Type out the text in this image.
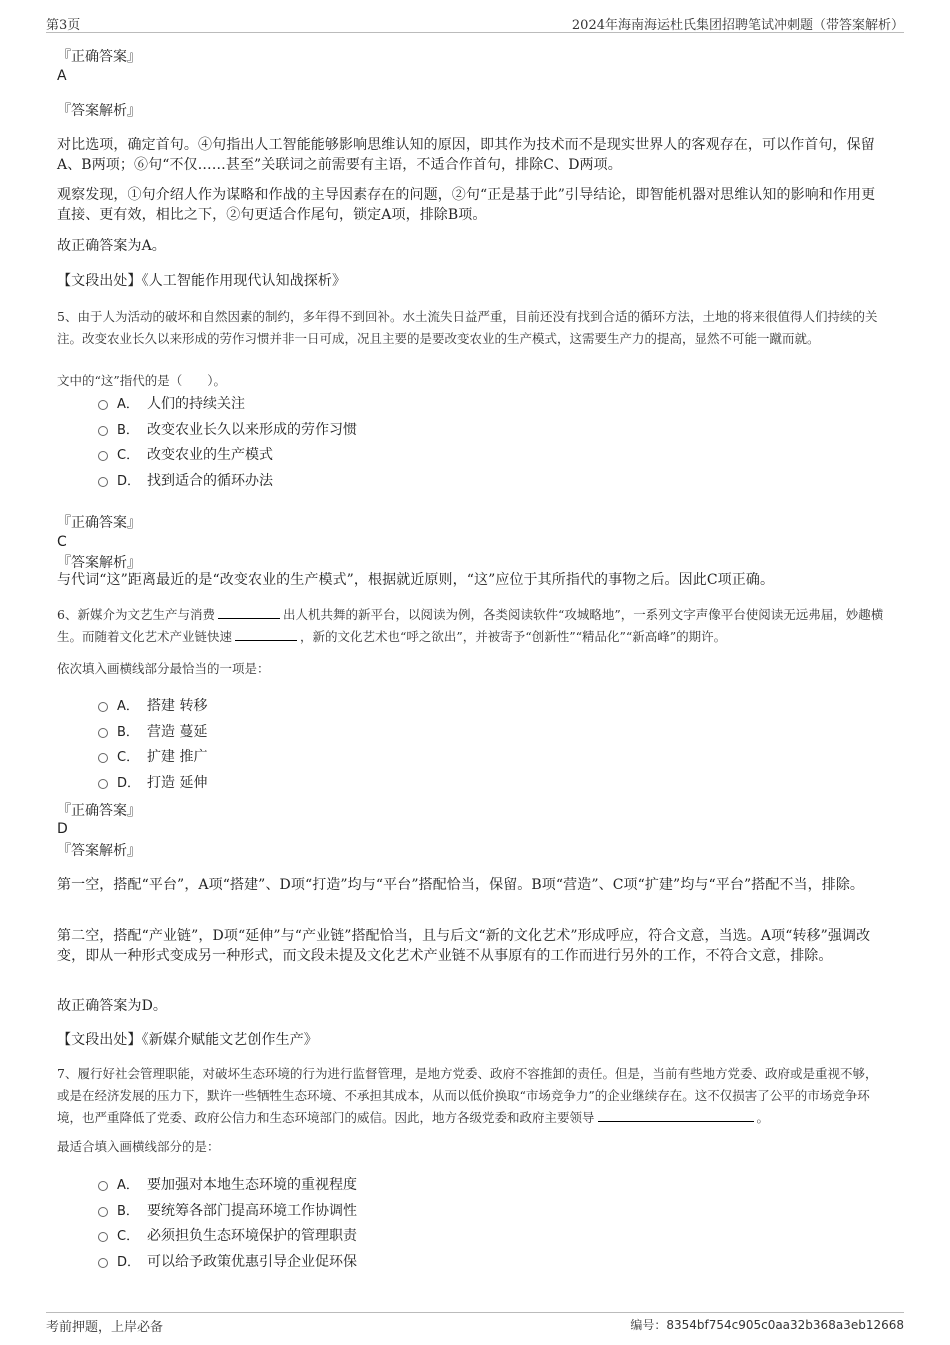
第3页	2024年海南海运杜氏集团招聘笔试冲刺题（带答案解析）
『正确答案』
A
『答案解析』
对比选项，确定首句。④句指出人工智能能够影响思维认知的原因，即其作为技术而不是现实世界人的客观存在，可以作首句，保留A、B两项；⑥句“不仅……甚至”关联词之前需要有主语，不适合作首句，排除C、D两项。
观察发现，①句介绍人作为谋略和作战的主导因素存在的问题，②句“正是基于此”引导结论，即智能机器对思维认知的影响和作用更直接、更有效，相比之下，②句更适合作尾句，锁定A项，排除B项。
故正确答案为A。
【文段出处】《人工智能作用现代认知战探析》
5、由于人为活动的破坏和自然因素的制约，多年得不到回补。水土流失日益严重，目前还没有找到合适的循环方法，土地的将来很值得人们持续的关注。改变农业长久以来形成的劳作习惯并非一日可成，况且主要的是要改变农业的生产模式，这需要生产力的提高，显然不可能一蹴而就。
文中的“这”指代的是（　　）。
A． 人们的持续关注
B． 改变农业长久以来形成的劳作习惯
C． 改变农业的生产模式
D． 找到适合的循环办法
『正确答案』
C
『答案解析』
与代词“这”距离最近的是“改变农业的生产模式”，根据就近原则，“这”应位于其所指代的事物之后。因此C项正确。
6、新媒介为文艺生产与消费	出人机共舞的新平台，以阅读为例，各类阅读软件“攻城略地”，一系列文字声像平台使阅读无远弗届，妙趣横生。而随着文化艺术产业链快速	，新的文化艺术也“呼之欲出”，并被寄予“创新性”“精品化”“新高峰”的期许。
依次填入画横线部分最恰当的一项是：
A． 搭建 转移
B． 营造 蔓延
C． 扩建 推广
D． 打造 延伸
『正确答案』
D
『答案解析』
第一空，搭配“平台”，A项“搭建”、D项“打造”均与“平台”搭配恰当，保留。B项“营造”、C项“扩建”均与“平台”搭配不当，排除。
第二空，搭配“产业链”，D项“延伸”与“产业链”搭配恰当，且与后文“新的文化艺术”形成呼应，符合文意，当选。A项“转移”强调改变，即从一种形式变成另一种形式，而文段未提及文化艺术产业链不从事原有的工作而进行另外的工作，不符合文意，排除。
故正确答案为D。
【文段出处】《新媒介赋能文艺创作生产》
7、履行好社会管理职能，对破坏生态环境的行为进行监督管理，是地方党委、政府不容推卸的责任。但是，当前有些地方党委、政府或是重视不够，或是在经济发展的压力下，默许一些牺牲生态环境、不承担其成本，从而以低价换取“市场竞争力”的企业继续存在。这不仅损害了公平的市场竞争环境，也严重降低了党委、政府公信力和生态环境部门的威信。因此，地方各级党委和政府主要领导	。
最适合填入画横线部分的是：
A． 要加强对本地生态环境的重视程度
B． 要统筹各部门提高环境工作协调性
C． 必须担负生态环境保护的管理职责
D． 可以给予政策优惠引导企业促环保
考前押题，上岸必备	编号：8354bf754c905c0aa32b368a3eb12668
